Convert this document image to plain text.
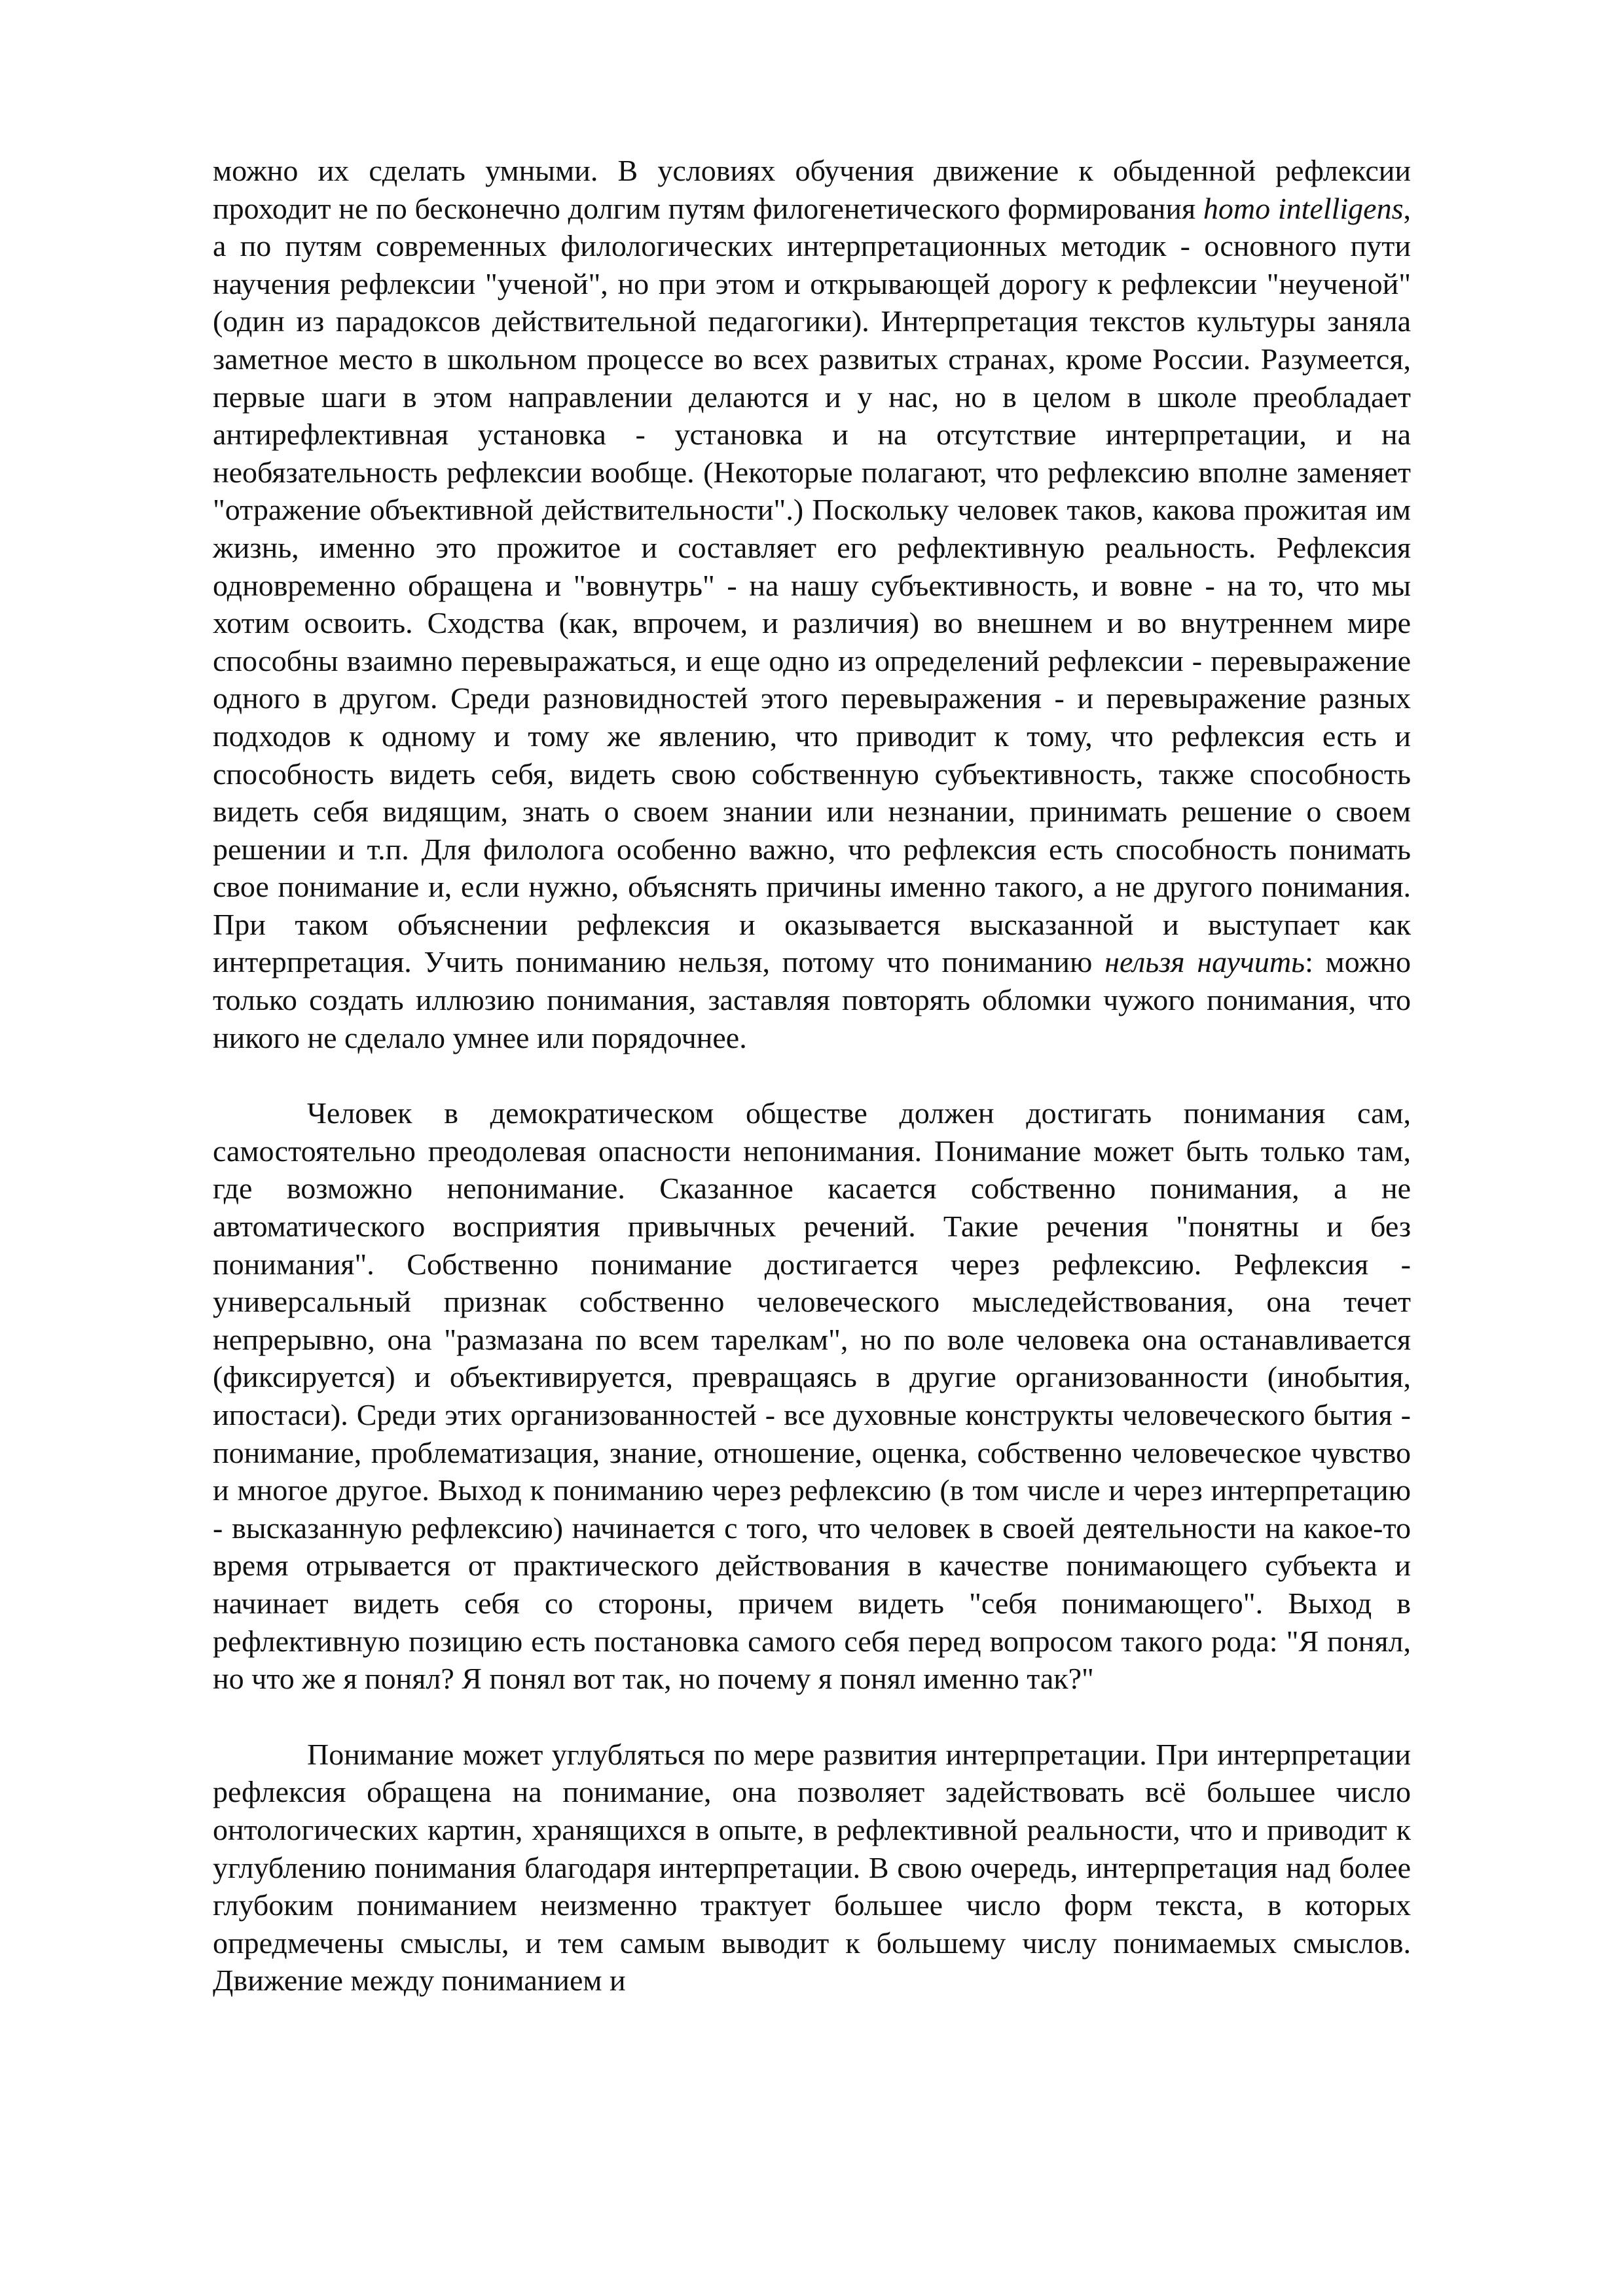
можно их сделать умными. В условиях обучения движение к обыденной рефлексии проходит не по бесконечно долгим путям филогенетического формирования homo intelligens, а по путям современных филологических интерпретационных методик - основного пути научения рефлексии "ученой", но при этом и открывающей дорогу к рефлексии "неученой" (один из парадоксов действительной педагогики). Интерпретация текстов культуры заняла заметное место в школьном процессе во всех развитых странах, кроме России. Разумеется, первые шаги в этом направлении делаются и у нас, но в целом в школе преобладает антирефлективная установка - установка и на отсутствие интерпретации, и на необязательность рефлексии вообще. (Некоторые полагают, что рефлексию вполне заменяет "отражение объективной действительности".) Поскольку человек таков, какова прожитая им жизнь, именно это прожитое и составляет его рефлективную реальность. Рефлексия одновременно обращена и "вовнутрь" - на нашу субъективность, и вовне - на то, что мы хотим освоить. Сходства (как, впрочем, и различия) во внешнем и во внутреннем мире способны взаимно перевыражаться, и еще одно из определений рефлексии - перевыражение одного в другом. Среди разновидностей этого перевыражения - и перевыражение разных подходов к одному и тому же явлению, что приводит к тому, что рефлексия есть и способность видеть себя, видеть свою собственную субъективность, также способность видеть себя видящим, знать о своем знании или незнании, принимать решение о своем решении и т.п. Для филолога особенно важно, что рефлексия есть способность понимать свое понимание и, если нужно, объяснять причины именно такого, а не другого понимания. При таком объяснении рефлексия и оказывается высказанной и выступает как интерпретация. Учить пониманию нельзя, потому что пониманию нельзя научить: можно только создать иллюзию понимания, заставляя повторять обломки чужого понимания, что никого не сделало умнее или порядочнее.

Человек в демократическом обществе должен достигать понимания сам, самостоятельно преодолевая опасности непонимания. Понимание может быть только там, где возможно непонимание. Сказанное касается собственно понимания, а не автоматического восприятия привычных речений. Такие речения "понятны и без понимания". Собственно понимание достигается через рефлексию. Рефлексия - универсальный признак собственно человеческого мыследействования, она течет непрерывно, она "размазана по всем тарелкам", но по воле человека она останавливается (фиксируется) и объективируется, превращаясь в другие организованности (инобытия, ипостаси). Среди этих организованностей - все духовные конструкты человеческого бытия - понимание, проблематизация, знание, отношение, оценка, собственно человеческое чувство и многое другое. Выход к пониманию через рефлексию (в том числе и через интерпретацию - высказанную рефлексию) начинается с того, что человек в своей деятельности на какое-то время отрывается от практического действования в качестве понимающего субъекта и начинает видеть себя со стороны, причем видеть "себя понимающего". Выход в рефлективную позицию есть постановка самого себя перед вопросом такого рода: "Я понял, но что же я понял? Я понял вот так, но почему я понял именно так?"

Понимание может углубляться по мере развития интерпретации. При интерпретации рефлексия обращена на понимание, она позволяет задействовать всё большее число онтологических картин, хранящихся в опыте, в рефлективной реальности, что и приводит к углублению понимания благодаря интерпретации. В свою очередь, интерпретация над более глубоким пониманием неизменно трактует большее число форм текста, в которых опредмечены смыслы, и тем самым выводит к большему числу понимаемых смыслов. Движение между пониманием и
